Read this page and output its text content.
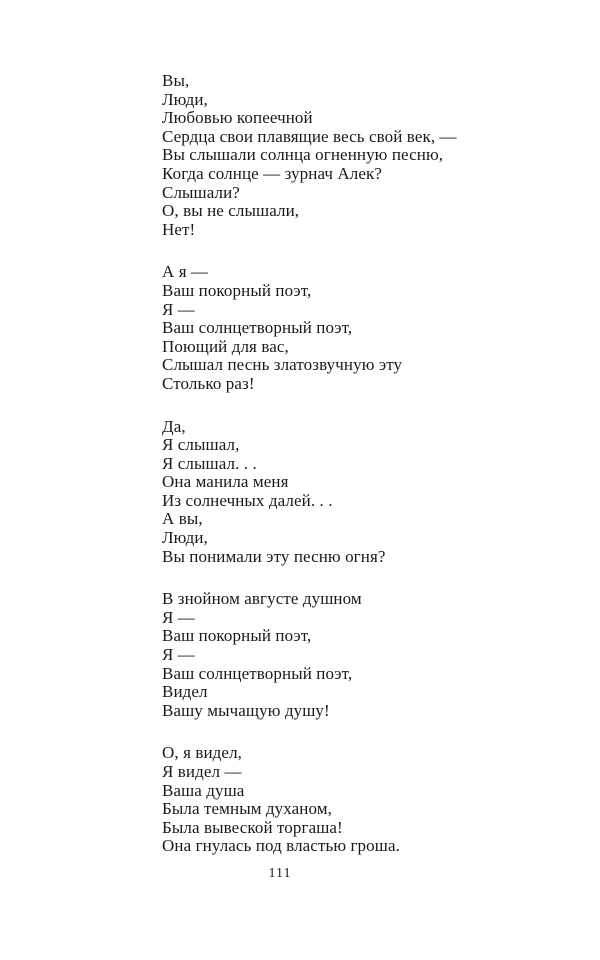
Вы,
Люди,
Любовью копеечной
Сердца свои плавящие весь свой век, —
Вы слышали солнца огненную песню,
Когда солнце — зурнач Алек?
Слышали?
О, вы не слышали,
Нет!
А я —
Ваш покорный поэт,
Я —
Ваш солнцетворный поэт,
Поющий для вас,
Слышал песнь златозвучную эту
Столько раз!
Да,
Я слышал,
Я слышал. . .
Она манила меня
Из солнечных далей. . .
А вы,
Люди,
Вы понимали эту песню огня?
В знойном августе душном
Я —
Ваш покорный поэт,
Я —
Ваш солнцетворный поэт,
Видел
Вашу мычащую душу!
О, я видел,
Я видел —
Ваша душа
Была темным духаном,
Была вывеской торгаша!
Она гнулась под властью гроша.
111
